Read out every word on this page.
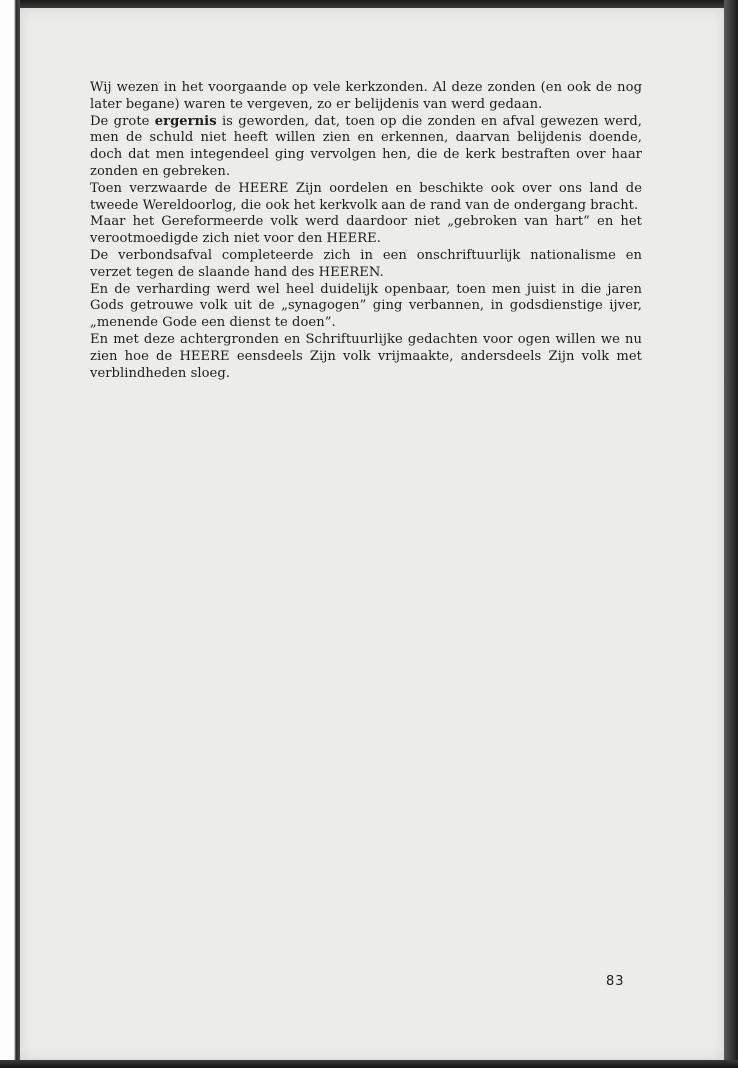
Wij wezen in het voorgaande op vele kerkzonden. Al deze zonden (en ook de nog later begane) waren te vergeven, zo er belijdenis van werd gedaan.

De grote ergernis is geworden, dat, toen op die zonden en afval gewezen werd, men de schuld niet heeft willen zien en erkennen, daarvan belijdenis doende, doch dat men integendeel ging vervolgen hen, die de kerk bestraften over haar zonden en gebreken.

Toen verzwaarde de HEERE Zijn oordelen en beschikte ook over ons land de tweede Wereldoorlog, die ook het kerkvolk aan de rand van de ondergang bracht.

Maar het Gereformeerde volk werd daardoor niet „gebroken van hart” en het verootmoedigde zich niet voor den HEERE.

De verbondsafval completeerde zich in een onschriftuurlijk nationalisme en verzet tegen de slaande hand des HEEREN.

En de verharding werd wel heel duidelijk openbaar, toen men juist in die jaren Gods getrouwe volk uit de „synagogen” ging verbannen, in godsdienstige ijver, „menende Gode een dienst te doen”.

En met deze achtergronden en Schriftuurlijke gedachten voor ogen willen we nu zien hoe de HEERE eensdeels Zijn volk vrijmaakte, andersdeels Zijn volk met verblindheden sloeg.

83
